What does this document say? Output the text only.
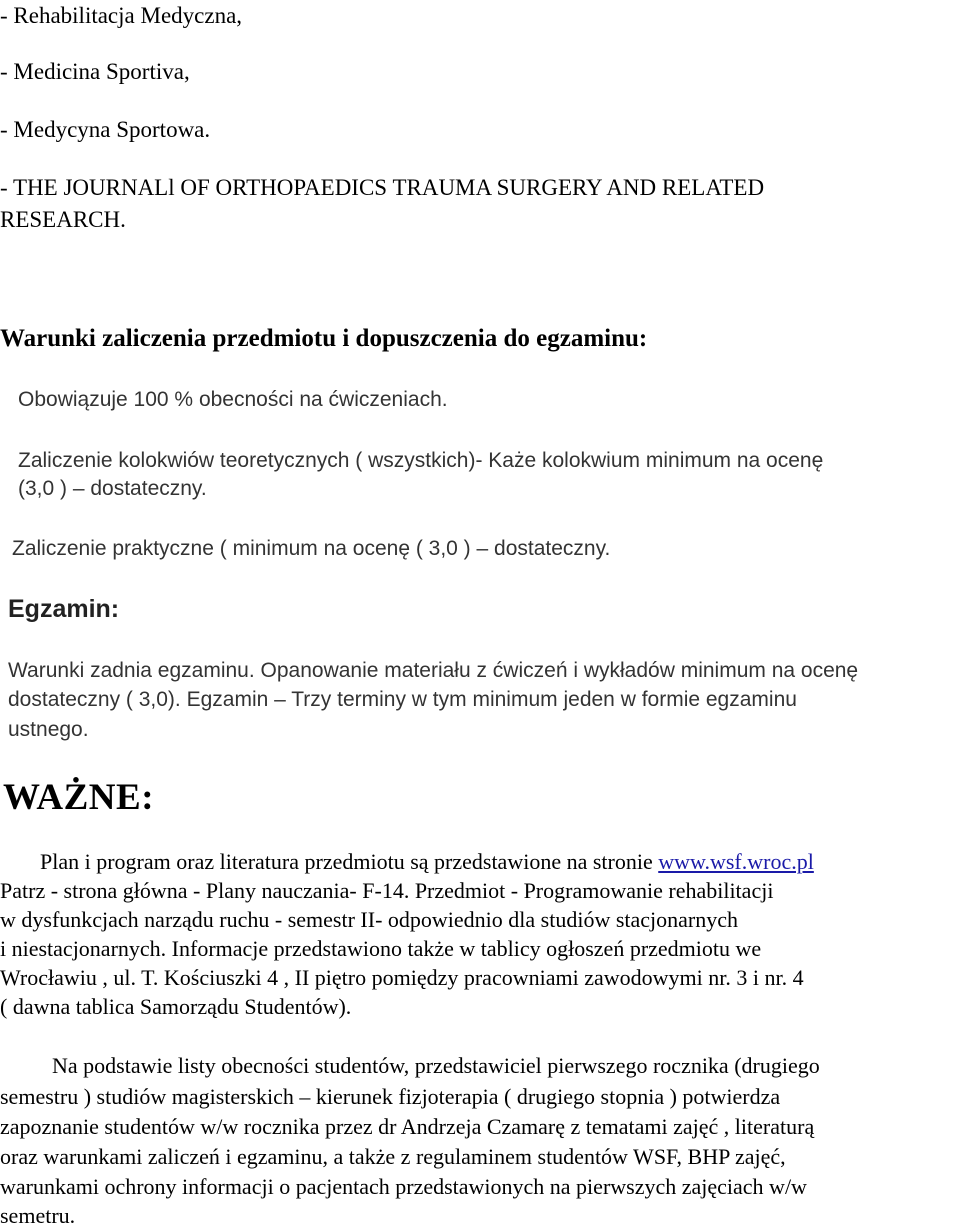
- Rehabilitacja Medyczna,
- Medicina Sportiva,
- Medycyna Sportowa.
- THE JOURNALl OF ORTHOPAEDICS TRAUMA SURGERY AND RELATED
RESEARCH.
Warunki zaliczenia przedmiotu i dopuszczenia do egzaminu:
Obowiązuje 100 % obecności na ćwiczeniach.
Zaliczenie kolokwiów teoretycznych ( wszystkich)- Każe kolokwium minimum na ocenę
(3,0 ) – dostateczny.
Zaliczenie praktyczne ( minimum na ocenę ( 3,0 ) – dostateczny.
Egzamin:
Warunki zadnia egzaminu. Opanowanie materiału z ćwiczeń i wykładów minimum na ocenę
dostateczny ( 3,0). Egzamin – Trzy terminy w tym minimum jeden w formie egzaminu
ustnego.
WAŻNE:
Plan i program oraz literatura przedmiotu są przedstawione na stronie www.wsf.wroc.pl
Patrz - strona główna - Plany nauczania- F-14. Przedmiot - Programowanie rehabilitacji
w dysfunkcjach narządu ruchu - semestr II- odpowiednio dla studiów stacjonarnych
i niestacjonarnych. Informacje przedstawiono także w tablicy ogłoszeń przedmiotu we
Wrocławiu , ul. T. Kościuszki 4 , II piętro pomiędzy pracowniami zawodowymi nr. 3 i nr. 4
( dawna tablica Samorządu Studentów).
Na podstawie listy obecności studentów, przedstawiciel pierwszego rocznika (drugiego
semestru ) studiów magisterskich – kierunek fizjoterapia ( drugiego stopnia ) potwierdza
zapoznanie studentów w/w rocznika przez dr Andrzeja Czamarę z tematami zajęć , literaturą
oraz warunkami zaliczeń i egzaminu, a także z regulaminem studentów WSF, BHP zajęć,
warunkami ochrony informacji o pacjentach przedstawionych na pierwszych zajęciach w/w
semetru.
